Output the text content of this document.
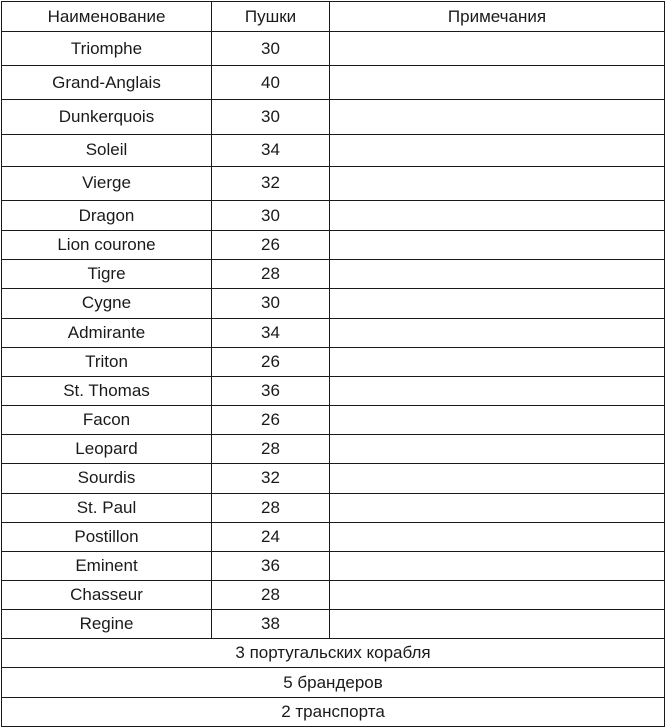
Наименование	Пушки	Примечания
Triomphe	30	
Grand-Anglais	40	
Dunkerquois	30	
Soleil	34	
Vierge	32	
Dragon	30	
Lion courone	26	
Tigre	28	
Cygne	30	
Admirante	34	
Triton	26	
St. Thomas	36	
Facon	26	
Leopard	28	
Sourdis	32	
St. Paul	28	
Postillon	24	
Eminent	36	
Chasseur	28	
Regine	38	
3 португальских корабля		
5 брандеров		
2 транспорта		
